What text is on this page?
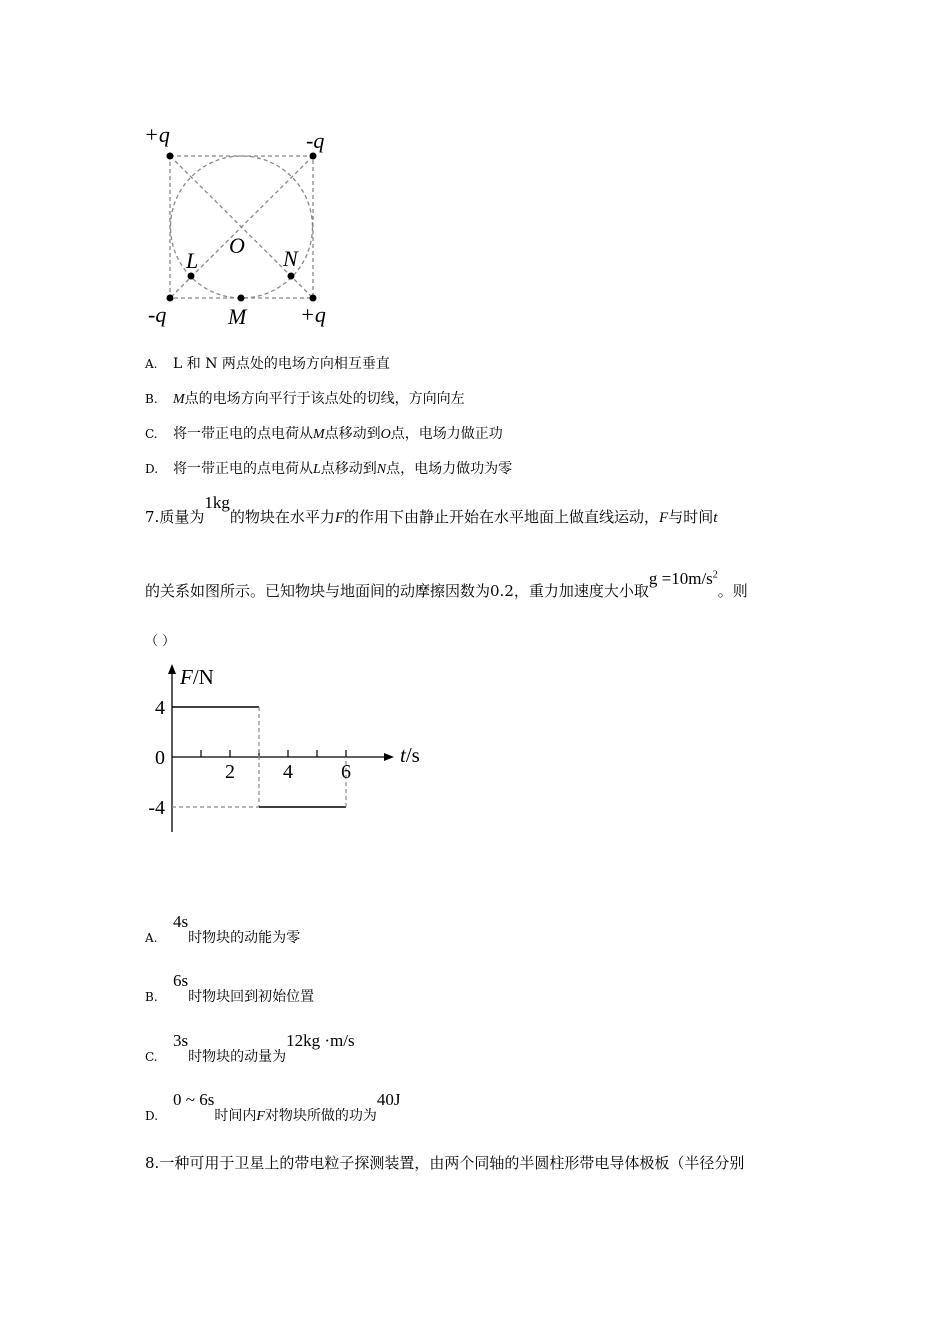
+q	-q
-q	+q
O
L	N
M
A. L 和 N 两点处的电场方向相互垂直
B. M点的电场方向平行于该点处的切线，方向向左
C. 将一带正电的点电荷从M点移动到O点，电场力做正功
D. 将一带正电的点电荷从L点移动到N点，电场力做功为零
7.质量为1kg的物块在水平力F的作用下由静止开始在水平地面上做直线运动，F与时间t
的关系如图所示。已知物块与地面间的动摩擦因数为0.2，重力加速度大小取$g =10m/s^2$。则
（ ）
2 4 6
4
0
-4
F/N
t/s
A.4s时物块的动能为零
B.6s时物块回到初始位置
C.3s时物块的动量为12kg ·m/s
D.0 ~ 6s时间内F对物块所做的功为40J
8.一种可用于卫星上的带电粒子探测装置，由两个同轴的半圆柱形带电导体极板（半径分别
